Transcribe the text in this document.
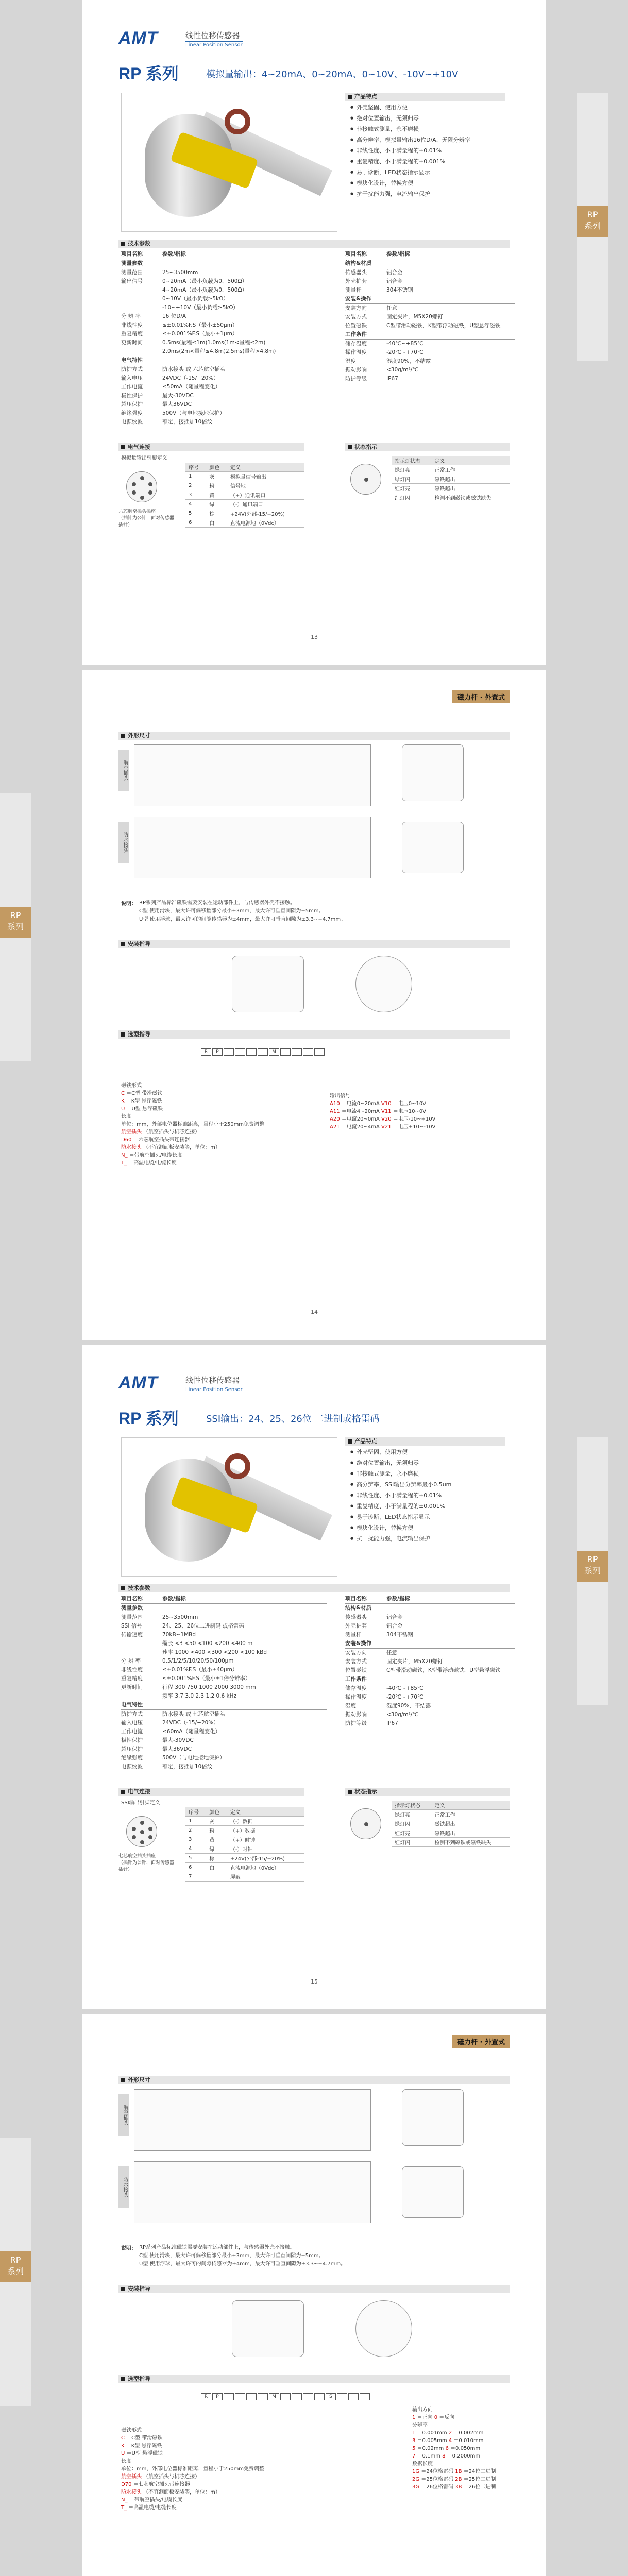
AMT	线性位移传感器
Linear Position Sensor
RP 系列	模拟量输出：4~20mA、0~20mA、0~10V、-10V~+10V
产品特点
● 外壳坚固、使用方便
● 绝对位置输出，无须归零
● 非接触式测量，永不磨损
● 高分辨率、模拟量输出16位D/A，无限分辨率
● 非线性度、小于满量程的±0.01%
● 重复精度、小于满量程的±0.001%
● 易于诊断，LED状态指示显示
● 模块化设计，替换方便
● 抗干扰能力强，电流输出保护
技术参数
项目名称	参数/指标
测量参数
测量范围	25~3500mm
输出信号	0~20mA（最小负载为0，500Ω）
4~20mA（最小负载为0，500Ω）
0~10V（最小负载≥5kΩ）
-10~+10V（最小负载≥5kΩ）
分 辨 率	16 位D/A
非线性度	≤±0.01%F.S（最小±50μm）
重复精度	≤±0.001%F.S（最小±1μm）
更新时间	0.5ms(量程≤1m)1.0ms(1m<量程≤2m)
2.0ms(2m<量程≤4.8m)2.5ms(量程>4.8m)
电气特性
防护方式	防水接头 或 六芯航空插头
输入电压	24VDC（-15/+20%）
工作电流	≤50mA（随量程变化）
极性保护	最大-30VDC
超压保护	最大36VDC
绝缘强度	500V（与电地接地保护）
电源纹波	额定，接插加10倍纹
项目名称	参数/指标
结构&材质
传感器头	铝合金
外壳护套	铝合金
测量杆	304不锈钢
安装&操作
安装方向	任意
安装方式	固定夹片，M5X20螺钉
位置磁铁	C型带滑动磁铁，K型带浮动磁铁，U型悬浮磁铁
工作条件
储存温度	-40℃~+85℃
操作温度	-20℃~+70℃
湿度	湿度90%，不结露
振动影响	<30g/m²/℃
防护等级	IP67
电气连接
模拟量输出引脚定义
六芯航空插头插座
（插针为公针，面对传感器插针）
序号	颜色	定义
1	灰	模拟量信号输出
2	粉	信号地
3	黄	（+）通讯端口
4	绿	（-）通讯端口
5	棕	+24V(外部-15/+20%)
6	白	直流电源地（0Vdc）
状态指示
指示灯状态	定义
绿灯亮	正常工作
绿灯闪	磁铁超出
红灯亮	磁铁超出
红灯闪	检测不到磁铁或磁铁缺失
13
RP
系列
磁力杆 · 外置式
外形尺寸
航空插头
防水接头
说明： RP系列产品标准磁铁需要安装在运动部件上，与传感器外壳不接触。
C型 使用滑块，最大许可偏移量部分最小±3mm，最大许可垂直间隙为±5mm。
U型 使用浮球，最大许可的间隙传感器为±4mm，最大许可垂直间隙为±3.3~+4.7mm。
安装指导
选型指导
R P	M
磁铁形式
C ＝C型 带滑磁铁
K ＝K型 悬浮磁铁
U ＝U型 悬浮磁铁
长度
单位：mm，外部电位器标准距离，量程小于250mm免费调整
航空插头 （航空插头与机芯连接）
D60 ＝六芯航空插头带连接器
防水接头 （不宜测面板安装等，单位：m）
N_ ＝带航空插头/电缆长度
T_ ＝高温电缆/电缆长度
输出信号
A10 ＝电流0~20mA V10 ＝电压0~10V
A11 ＝电流4~20mA V11 ＝电压10~0V
A20 ＝电流20~0mA V20 ＝电压-10~+10V
A21 ＝电流20~4mA V21 ＝电压+10~-10V
14
RP
系列
AMT	线性位移传感器
Linear Position Sensor
RP 系列	SSI输出：24、25、26位 二进制或格雷码
产品特点
● 外壳坚固、使用方便
● 绝对位置输出，无须归零
● 非接触式测量，永不磨损
● 高分辨率，SSI输出分辨率最小0.5um
● 非线性度、小于满量程的±0.01%
● 重复精度、小于满量程的±0.001%
● 易于诊断，LED状态指示显示
● 模块化设计，替换方便
● 抗干扰能力强，电流输出保护
技术参数
项目名称	参数/指标
测量参数
测量范围	25~3500mm
SSI 信号	24、25、26位二进制码 或格雷码
传输速度	70kB~1MBd
缆长 <3 <50 <100 <200 <400 m
速率 1000 <400 <300 <200 <100 kBd
分 辨 率	0.5/1/2/5/10/20/50/100μm
非线性度	≤±0.01%F.S（最小±40μm）
重复精度	≤±0.001%F.S（最小±1倍分辨率）
更新时间	行程 300 750 1000 2000 3000 mm
频率 3.7 3.0 2.3 1.2 0.6 kHz
电气特性
防护方式	防水接头 或 七芯航空插头
输入电压	24VDC（-15/+20%）
工作电流	≤60mA（随量程变化）
极性保护	最大-30VDC
超压保护	最大36VDC
绝缘强度	500V（与电地接地保护）
电源纹波	额定，接插加10倍纹
项目名称	参数/指标
结构&材质
传感器头	铝合金
外壳护套	铝合金
测量杆	304不锈钢
安装&操作
安装方向	任意
安装方式	固定夹片，M5X20螺钉
位置磁铁	C型带滑动磁铁，K型带浮动磁铁，U型悬浮磁铁
工作条件
储存温度	-40℃~+85℃
操作温度	-20℃~+70℃
湿度	湿度90%，不结露
振动影响	<30g/m²/℃
防护等级	IP67
电气连接
SSI输出引脚定义
七芯航空插头插座
（插针为公针，面对传感器插针）
序号	颜色	定义
1	灰	（-）数据
2	粉	（+）数据
3	黄	（+）时钟
4	绿	（-）时钟
5	棕	+24V(外部-15/+20%)
6	白	直流电源地（0Vdc）
7		屏蔽
状态指示
指示灯状态	定义
绿灯亮	正常工作
绿灯闪	磁铁超出
红灯亮	磁铁超出
红灯闪	检测不到磁铁或磁铁缺失
15
RP
系列
磁力杆 · 外置式
外形尺寸
航空插头
防水接头
说明： RP系列产品标准磁铁需要安装在运动部件上，与传感器外壳不接触。
C型 使用滑块，最大许可偏移量部分最小±3mm，最大许可垂直间隙为±5mm。
U型 使用浮球，最大许可的间隙传感器为±4mm，最大许可垂直间隙为±3.3~+4.7mm。
安装指导
选型指导
R P	M	S
磁铁形式
C ＝C型 带滑磁铁
K ＝K型 悬浮磁铁
U ＝U型 悬浮磁铁
长度
单位：mm，外部电位器标准距离，量程小于250mm免费调整
航空插头 （航空插头与机芯连接）
D70 ＝七芯航空插头带连接器
防水接头 （不宜测面板安装等，单位：m）
N_ ＝带航空插头/电缆长度
T_ ＝高温电缆/电缆长度
输出方向
1 ＝正向 0 ＝反向
分辨率
1 ＝0.001mm 2 ＝0.002mm
3 ＝0.005mm 4 ＝0.010mm
5 ＝0.02mm 6 ＝0.050mm
7 ＝0.1mm 8 ＝0.2000mm
数据长度
1G ＝24位格雷码 1B ＝24位二进制
2G ＝25位格雷码 2B ＝25位二进制
3G ＝26位格雷码 3B ＝26位二进制
RP
系列
